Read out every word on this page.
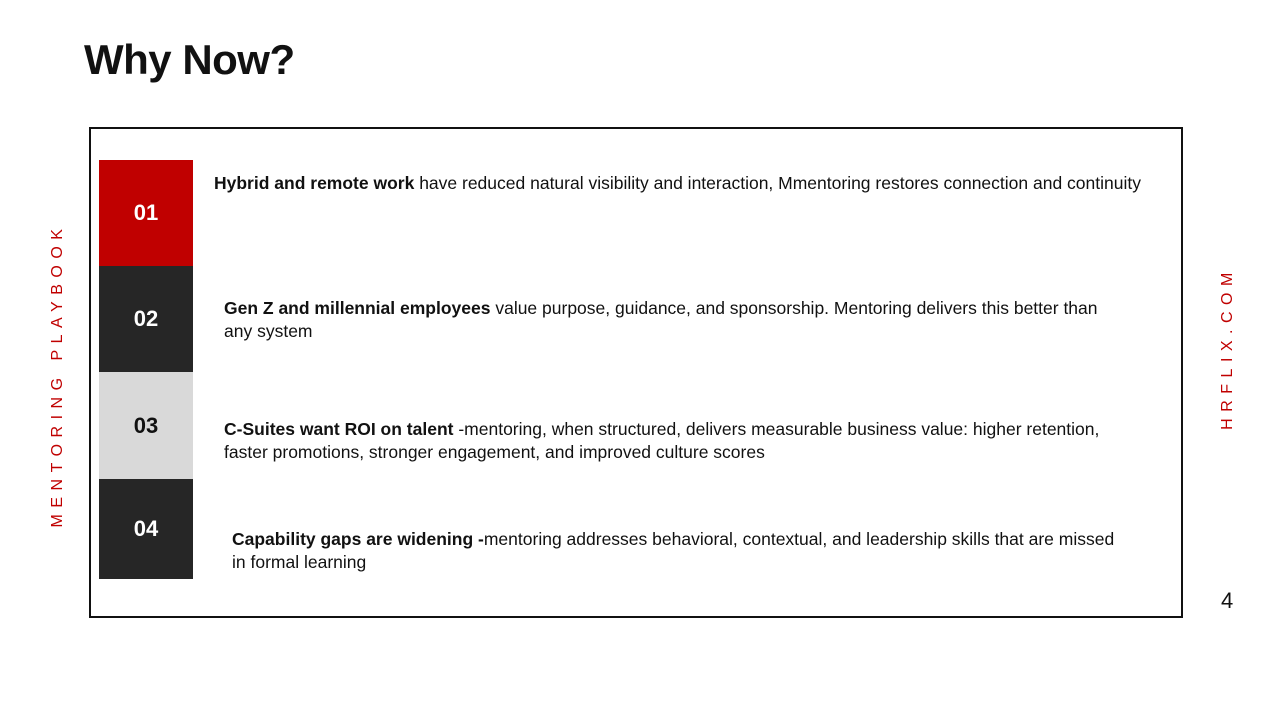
Why Now?
01
02
03
04
Hybrid and remote work have reduced natural visibility and interaction, Mmentoring restores connection and continuity
Gen Z and millennial employees value purpose, guidance, and sponsorship. Mentoring delivers this better than any system
C-Suites want ROI on talent -mentoring, when structured, delivers measurable business value: higher retention, faster promotions, stronger engagement, and improved culture scores
Capability gaps are widening -mentoring addresses behavioral, contextual, and leadership skills that are missed in formal learning
MENTORING PLAYBOOK	HRFLIX.COM
4
